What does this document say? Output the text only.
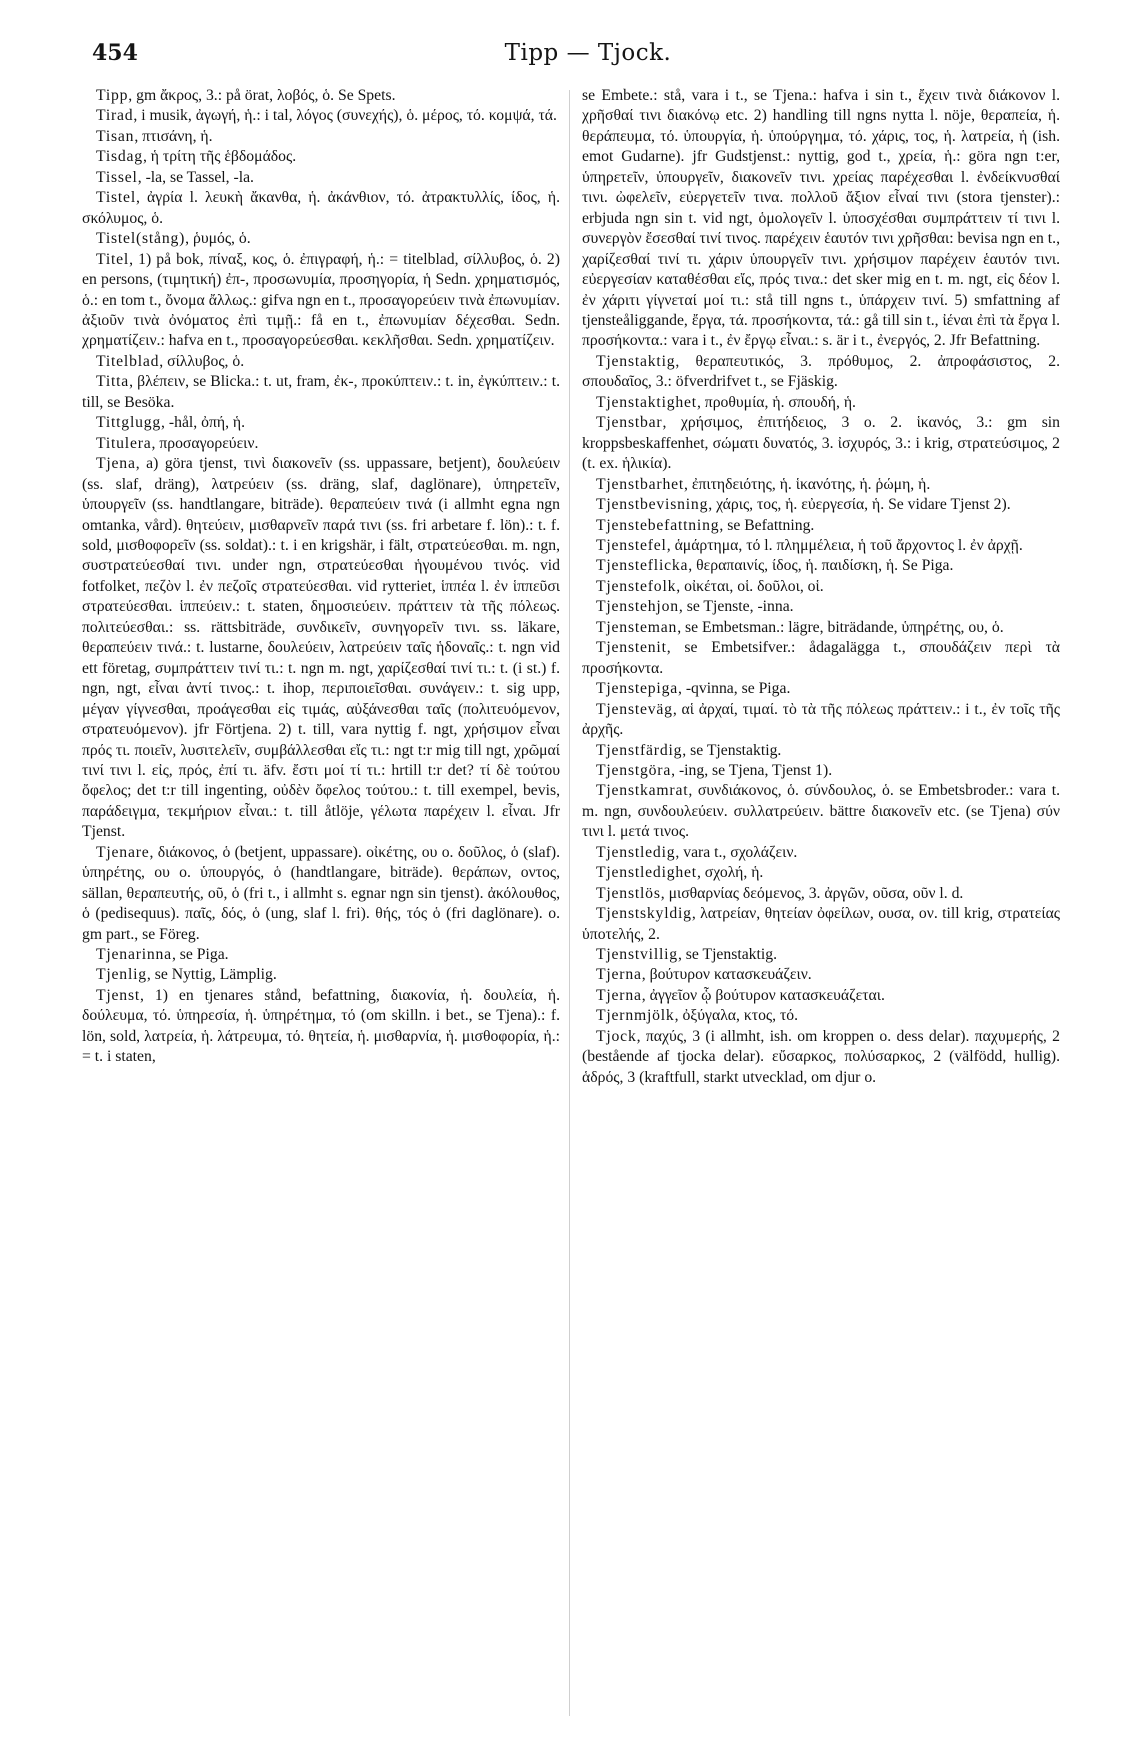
454	Tipp — Tjock.

Tipp, gm ἄκρος, 3.: på örat, λοβός, ὁ. Se Spets.

Tirad, i musik, ἀγωγή, ἡ.: i tal, λόγος (συνεχής), ὁ. μέρος, τό. κομψά, τά.

Tisan, πτισάνη, ἡ.

Tisdag, ἡ τρίτη τῆς ἑβδομάδος.

Tissel, -la, se Tassel, -la.

Tistel, ἀγρία l. λευκὴ ἄκανθα, ἡ. ἀκάνθιον, τό. ἀτρακτυλλίς, ίδος, ἡ. σκόλυμος, ὁ.

Tistel(stång), ῥυμός, ὁ.

Titel, 1) på bok, πίναξ, κος, ὁ. ἐπιγραφή, ἡ.: = titelblad, σίλλυβος, ὁ. 2) en persons, (τιμητική) ἐπ-, προσωνυμία, προσηγορία, ἡ Sedn. χρηματισμός, ὁ.: en tom t., ὄνομα ἄλλως.: gifva ngn en t., προσαγορεύειν τινὰ ἐπωνυμίαν. ἀξιοῦν τινὰ ὀνόματος ἐπὶ τιμῇ.: få en t., ἐπωνυμίαν δέχεσθαι. Sedn. χρηματίζειν.: hafva en t., προσαγορεύεσθαι. κεκλῆσθαι. Sedn. χρηματίζειν.

Titelblad, σίλλυβος, ὁ.

Titta, βλέπειν, se Blicka.: t. ut, fram, ἐκ-, προκύπτειν.: t. in, ἐγκύπτειν.: t. till, se Besöka.

Tittglugg, -hål, ὀπή, ἡ.

Titulera, προσαγορεύειν.

Tjena, a) göra tjenst, τινὶ διακονεῖν (ss. uppassare, betjent), δουλεύειν (ss. slaf, dräng), λατρεύειν (ss. dräng, slaf, daglönare), ὑπηρετεῖν, ὑπουργεῖν (ss. handtlangare, biträde). θεραπεύειν τινά (i allmht egna ngn omtanka, vård). θητεύειν, μισθαρνεῖν παρά τινι (ss. fri arbetare f. lön).: t. f. sold, μισθοφορεῖν (ss. soldat).: t. i en krigshär, i fält, στρατεύεσθαι. m. ngn, συστρατεύεσθαί τινι. under ngn, στρατεύεσθαι ἡγουμένου τινός. vid fotfolket, πεζὸν l. ἐν πεζοῖς στρατεύεσθαι. vid rytteriet, ἱππέα l. ἐν ἱππεῦσι στρατεύεσθαι. ἱππεύειν.: t. staten, δημοσιεύειν. πράττειν τὰ τῆς πόλεως. πολιτεύεσθαι.: ss. rättsbiträde, συνδικεῖν, συνηγορεῖν τινι. ss. läkare, θεραπεύειν τινά.: t. lustarne, δουλεύειν, λατρεύειν ταῖς ἡδοναῖς.: t. ngn vid ett företag, συμπράττειν τινί τι.: t. ngn m. ngt, χαρίζεσθαί τινί τι.: t. (i st.) f. ngn, ngt, εἶναι ἀντί τινος.: t. ihop, περιποιεῖσθαι. συνάγειν.: t. sig upp, μέγαν γίγνεσθαι, προάγεσθαι εἰς τιμάς, αὐξάνεσθαι ταῖς (πολιτευόμενον, στρατευόμενον). jfr Förtjena. 2) t. till, vara nyttig f. ngt, χρήσιμον εἶναι πρός τι. ποιεῖν, λυσιτελεῖν, συμβάλλεσθαι εἴς τι.: ngt t:r mig till ngt, χρῶμαί τινί τινι l. εἰς, πρός, ἐπί τι. äfv. ἔστι μοί τί τι.: hrtill t:r det? τί δὲ τούτου ὄφελος; det t:r till ingenting, οὐδὲν ὄφελος τούτου.: t. till exempel, bevis, παράδειγμα, τεκμήριον εἶναι.: t. till åtlöje, γέλωτα παρέχειν l. εἶναι. Jfr Tjenst.

Tjenare, διάκονος, ὁ (betjent, uppassare). οἰκέτης, ου o. δοῦλος, ὁ (slaf). ὑπηρέτης, ου o. ὑπουργός, ὁ (handtlangare, biträde). θεράπων, οντος, sällan, θεραπευτής, οῦ, ὁ (fri t., i allmht s. egnar ngn sin tjenst). ἀκόλουθος, ὁ (pedisequus). παῖς, δός, ὁ (ung, slaf l. fri). θής, τός ὁ (fri daglönare). o. gm part., se Föreg.

Tjenarinna, se Piga.

Tjenlig, se Nyttig, Lämplig.

Tjenst, 1) en tjenares stånd, befattning, διακονία, ἡ. δουλεία, ἡ. δούλευμα, τό. ὑπηρεσία, ἡ. ὑπηρέτημα, τό (om skilln. i bet., se Tjena).: f. lön, sold, λατρεία, ἡ. λάτρευμα, τό. θητεία, ἡ. μισθαρνία, ἡ. μισθοφορία, ἡ.: = t. i staten,

se Embete.: stå, vara i t., se Tjena.: hafva i sin t., ἔχειν τινὰ διάκονον l. χρῆσθαί τινι διακόνῳ etc. 2) handling till ngns nytta l. nöje, θεραπεία, ἡ. θεράπευμα, τό. ὑπουργία, ἡ. ὑπούργημα, τό. χάρις, τος, ἡ. λατρεία, ἡ (ish. emot Gudarne). jfr Gudstjenst.: nyttig, god t., χρεία, ἡ.: göra ngn t:er, ὑπηρετεῖν, ὑπουργεῖν, διακονεῖν τινι. χρείας παρέχεσθαι l. ἐνδείκνυσθαί τινι. ὠφελεῖν, εὐεργετεῖν τινα. πολλοῦ ἄξιον εἶναί τινι (stora tjenster).: erbjuda ngn sin t. vid ngt, ὁμολογεῖν l. ὑποσχέσθαι συμπράττειν τί τινι l. συνεργὸν ἔσεσθαί τινί τινος. παρέχειν ἑαυτόν τινι χρῆσθαι: bevisa ngn en t., χαρίζεσθαί τινί τι. χάριν ὑπουργεῖν τινι. χρήσιμον παρέχειν ἑαυτόν τινι. εὐεργεσίαν καταθέσθαι εἴς, πρός τινα.: det sker mig en t. m. ngt, εἰς δέον l. ἐν χάριτι γίγνεταί μοί τι.: stå till ngns t., ὑπάρχειν τινί. 5) smfattning af tjensteåliggande, ἔργα, τά. προσήκοντα, τά.: gå till sin t., ἰέναι ἐπὶ τὰ ἔργα l. προσήκοντα.: vara i t., ἐν ἔργῳ εἶναι.: s. är i t., ἐνεργός, 2. Jfr Befattning.

Tjenstaktig, θεραπευτικός, 3. πρόθυμος, 2. ἀπροφάσιστος, 2. σπουδαῖος, 3.: öfverdrifvet t., se Fjäskig.

Tjenstaktighet, προθυμία, ἡ. σπουδή, ἡ.

Tjenstbar, χρήσιμος, ἐπιτήδειος, 3 o. 2. ἱκανός, 3.: gm sin kroppsbeskaffenhet, σώματι δυνατός, 3. ἰσχυρός, 3.: i krig, στρατεύσιμος, 2 (t. ex. ἡλικία).

Tjenstbarhet, ἐπιτηδειότης, ἡ. ἱκανότης, ἡ. ῥώμη, ἡ.

Tjenstbevisning, χάρις, τος, ἡ. εὐεργεσία, ἡ. Se vidare Tjenst 2).

Tjenstebefattning, se Befattning.

Tjenstefel, ἁμάρτημα, τό l. πλημμέλεια, ἡ τοῦ ἄρχοντος l. ἐν ἀρχῇ.

Tjensteflicka, θεραπαινίς, ίδος, ἡ. παιδίσκη, ἡ. Se Piga.

Tjenstefolk, οἰκέται, οἱ. δοῦλοι, οἱ.

Tjenstehjon, se Tjenste, -inna.

Tjensteman, se Embetsman.: lägre, biträdande, ὑπηρέτης, ου, ὁ.

Tjenstenit, se Embetsifver.: ådagalägga t., σπουδάζειν περὶ τὰ προσήκοντα.

Tjenstepiga, -qvinna, se Piga.

Tjensteväg, αἱ ἀρχαί, τιμαί. τὸ τὰ τῆς πόλεως πράττειν.: i t., ἐν τοῖς τῆς ἀρχῆς.

Tjenstfärdig, se Tjenstaktig.

Tjenstgöra, -ing, se Tjena, Tjenst 1).

Tjenstkamrat, συνδιάκονος, ὁ. σύνδουλος, ὁ. se Embetsbroder.: vara t. m. ngn, συνδουλεύειν. συλλατρεύειν. bättre διακονεῖν etc. (se Tjena) σύν τινι l. μετά τινος.

Tjenstledig, vara t., σχολάζειν.

Tjenstledighet, σχολή, ἡ.

Tjenstlös, μισθαρνίας δεόμενος, 3. ἀργῶν, οῦσα, οῦν l. d.

Tjenstskyldig, λατρείαν, θητείαν ὀφείλων, ουσα, ον. till krig, στρατείας ὑποτελής, 2.

Tjenstvillig, se Tjenstaktig.

Tjerna, βούτυρον κατασκευάζειν.

Tjerna, ἀγγεῖον ᾧ βούτυρον κατασκευάζεται.

Tjernmjölk, ὀξύγαλα, κτος, τό.

Tjock, παχύς, 3 (i allmht, ish. om kroppen o. dess delar). παχυμερής, 2 (bestående af tjocka delar). εὔσαρκος, πολύσαρκος, 2 (välfödd, hullig). ἁδρός, 3 (kraftfull, starkt utvecklad, om djur o.
